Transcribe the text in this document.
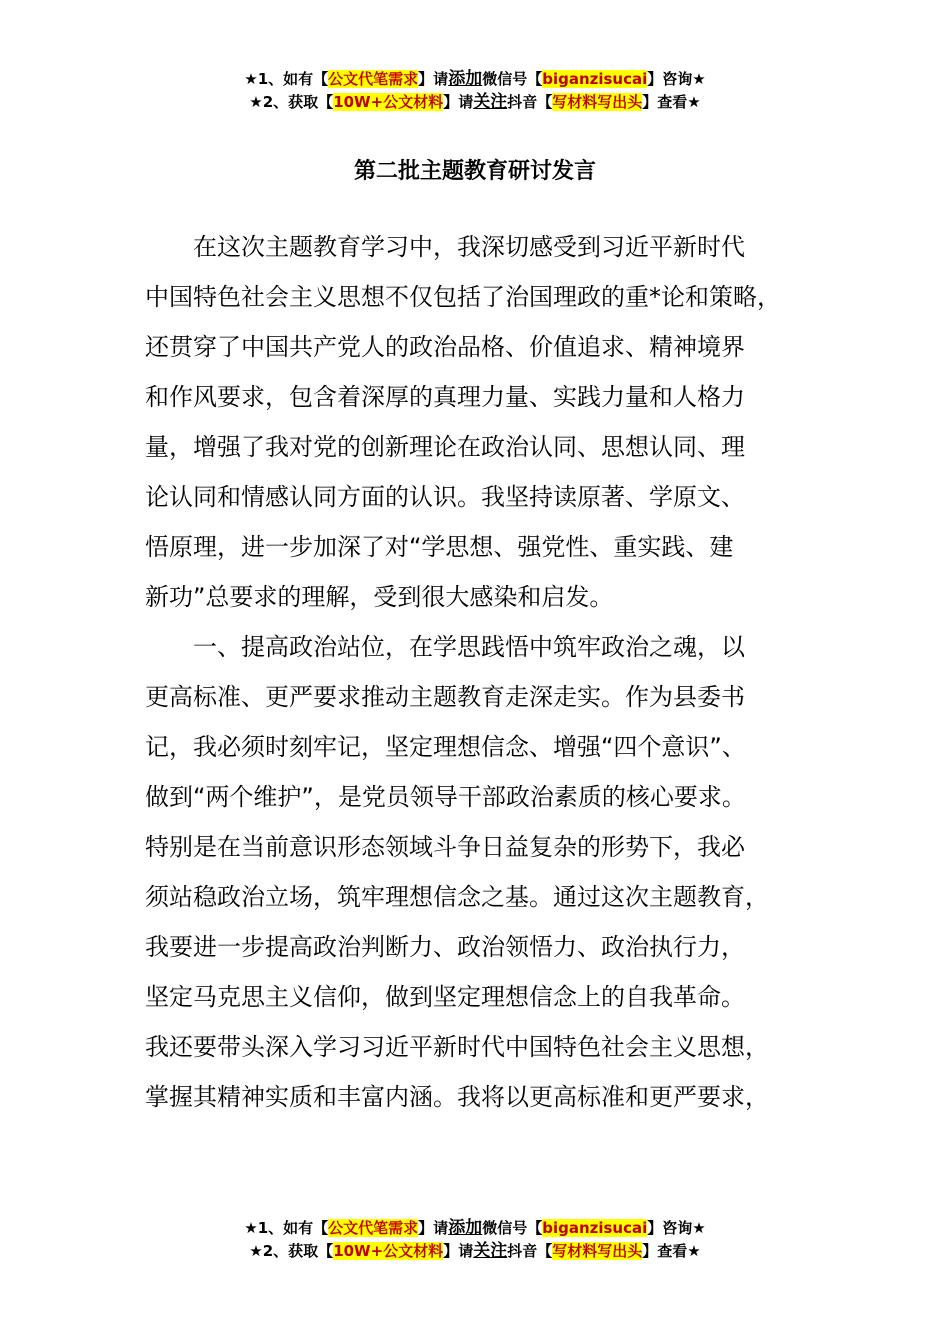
★1、如有【公文代笔需求】请添加微信号【biganzisucai】咨询★
★2、获取【10W+公文材料】请关注抖音【写材料写出头】查看★
第二批主题教育研讨发言
　　在这次主题教育学习中，我深切感受到习近平新时代
中国特色社会主义思想不仅包括了治国理政的重*论和策略，
还贯穿了中国共产党人的政治品格、价值追求、精神境界
和作风要求，包含着深厚的真理力量、实践力量和人格力
量，增强了我对党的创新理论在政治认同、思想认同、理
论认同和情感认同方面的认识。我坚持读原著、学原文、
悟原理，进一步加深了对“学思想、强党性、重实践、建
新功”总要求的理解，受到很大感染和启发。
　　一、提高政治站位，在学思践悟中筑牢政治之魂，以
更高标准、更严要求推动主题教育走深走实。作为县委书
记，我必须时刻牢记，坚定理想信念、增强“四个意识”、
做到“两个维护”，是党员领导干部政治素质的核心要求。
特别是在当前意识形态领域斗争日益复杂的形势下，我必
须站稳政治立场，筑牢理想信念之基。通过这次主题教育，
我要进一步提高政治判断力、政治领悟力、政治执行力，
坚定马克思主义信仰，做到坚定理想信念上的自我革命。
我还要带头深入学习习近平新时代中国特色社会主义思想，
掌握其精神实质和丰富内涵。我将以更高标准和更严要求，
★1、如有【公文代笔需求】请添加微信号【biganzisucai】咨询★
★2、获取【10W+公文材料】请关注抖音【写材料写出头】查看★
